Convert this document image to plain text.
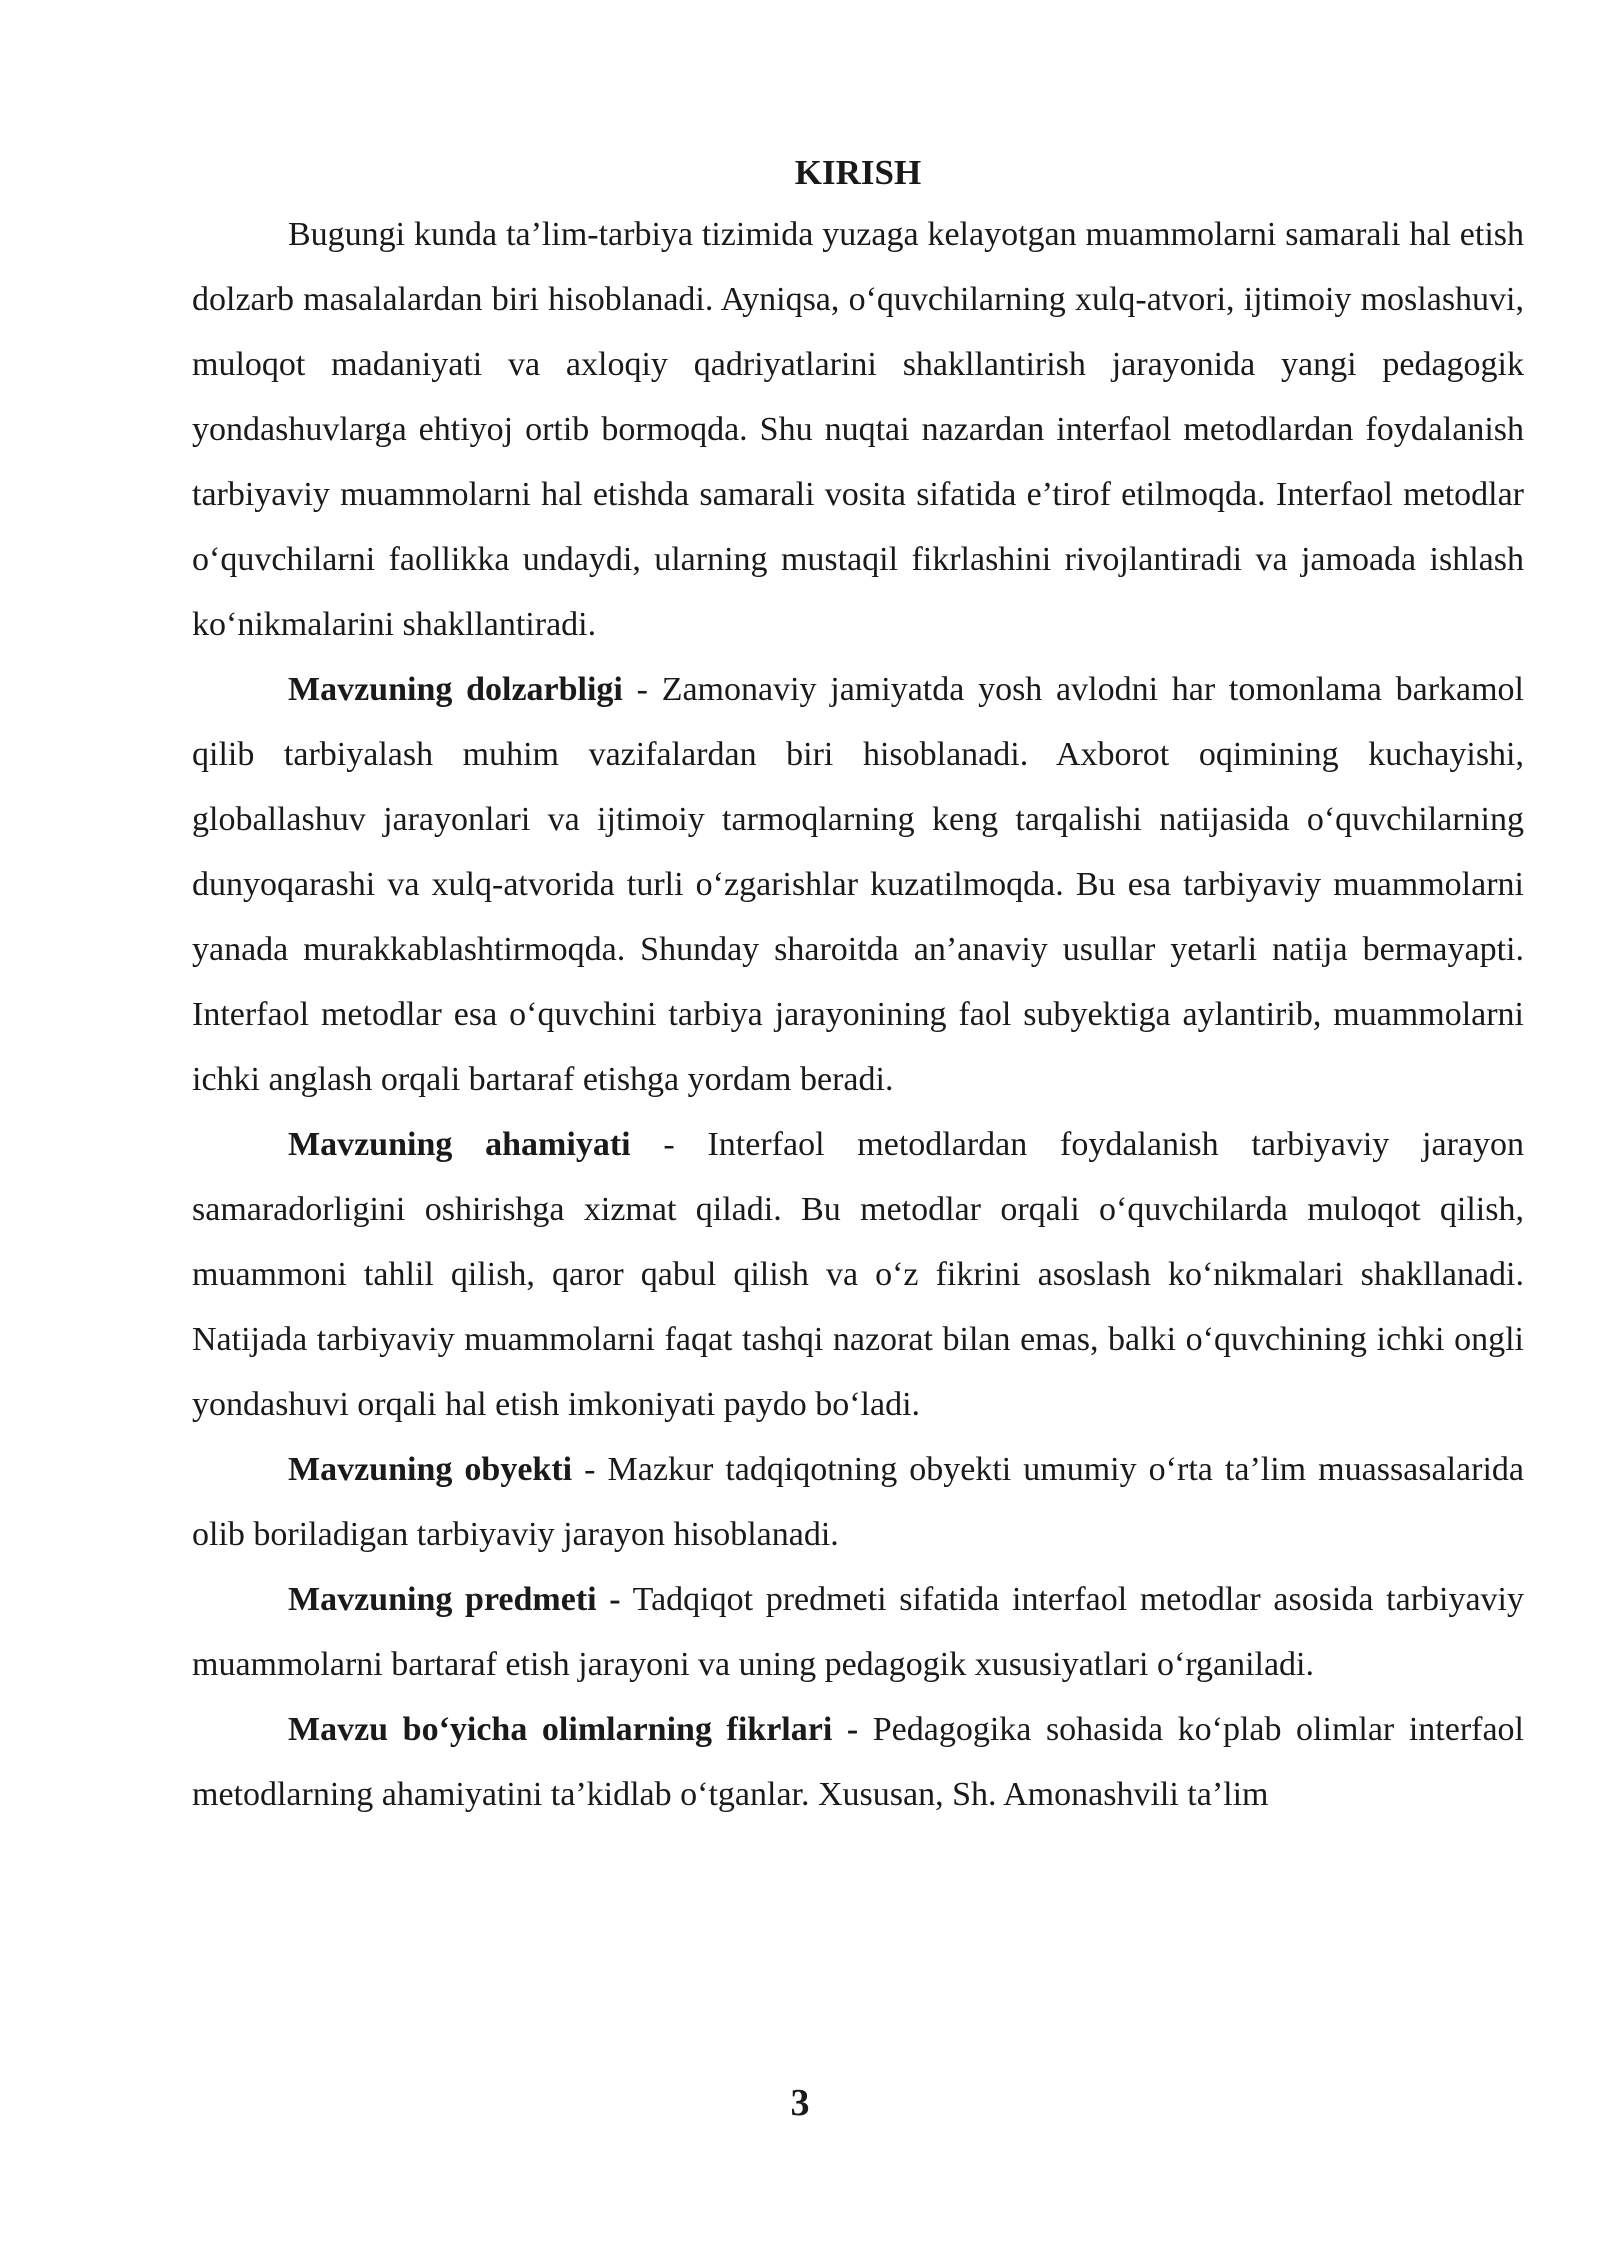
KIRISH

Bugungi kunda ta’lim-tarbiya tizimida yuzaga kelayotgan muammolarni samarali hal etish dolzarb masalalardan biri hisoblanadi. Ayniqsa, o‘quvchilarning xulq-atvori, ijtimoiy moslashuvi, muloqot madaniyati va axloqiy qadriyatlarini shakllantirish jarayonida yangi pedagogik yondashuvlarga ehtiyoj ortib bormoqda. Shu nuqtai nazardan interfaol metodlardan foydalanish tarbiyaviy muammolarni hal etishda samarali vosita sifatida e’tirof etilmoqda. Interfaol metodlar o‘quvchilarni faollikka undaydi, ularning mustaqil fikrlashini rivojlantiradi va jamoada ishlash ko‘nikmalarini shakllantiradi.

Mavzuning dolzarbligi - Zamonaviy jamiyatda yosh avlodni har tomonlama barkamol qilib tarbiyalash muhim vazifalardan biri hisoblanadi. Axborot oqimining kuchayishi, globallashuv jarayonlari va ijtimoiy tarmoqlarning keng tarqalishi natijasida o‘quvchilarning dunyoqarashi va xulq-atvorida turli o‘zgarishlar kuzatilmoqda. Bu esa tarbiyaviy muammolarni yanada murakkablashtirmoqda. Shunday sharoitda an’anaviy usullar yetarli natija bermayapti. Interfaol metodlar esa o‘quvchini tarbiya jarayonining faol subyektiga aylantirib, muammolarni ichki anglash orqali bartaraf etishga yordam beradi.

Mavzuning ahamiyati - Interfaol metodlardan foydalanish tarbiyaviy jarayon samaradorligini oshirishga xizmat qiladi. Bu metodlar orqali o‘quvchilarda muloqot qilish, muammoni tahlil qilish, qaror qabul qilish va o‘z fikrini asoslash ko‘nikmalari shakllanadi. Natijada tarbiyaviy muammolarni faqat tashqi nazorat bilan emas, balki o‘quvchining ichki ongli yondashuvi orqali hal etish imkoniyati paydo bo‘ladi.

Mavzuning obyekti - Mazkur tadqiqotning obyekti umumiy o‘rta ta’lim muassasalarida olib boriladigan tarbiyaviy jarayon hisoblanadi.

Mavzuning predmeti - Tadqiqot predmeti sifatida interfaol metodlar asosida tarbiyaviy muammolarni bartaraf etish jarayoni va uning pedagogik xususiyatlari o‘rganiladi.

Mavzu bo‘yicha olimlarning fikrlari - Pedagogika sohasida ko‘plab olimlar interfaol metodlarning ahamiyatini ta’kidlab o‘tganlar. Xususan, Sh. Amonashvili ta’lim

3
